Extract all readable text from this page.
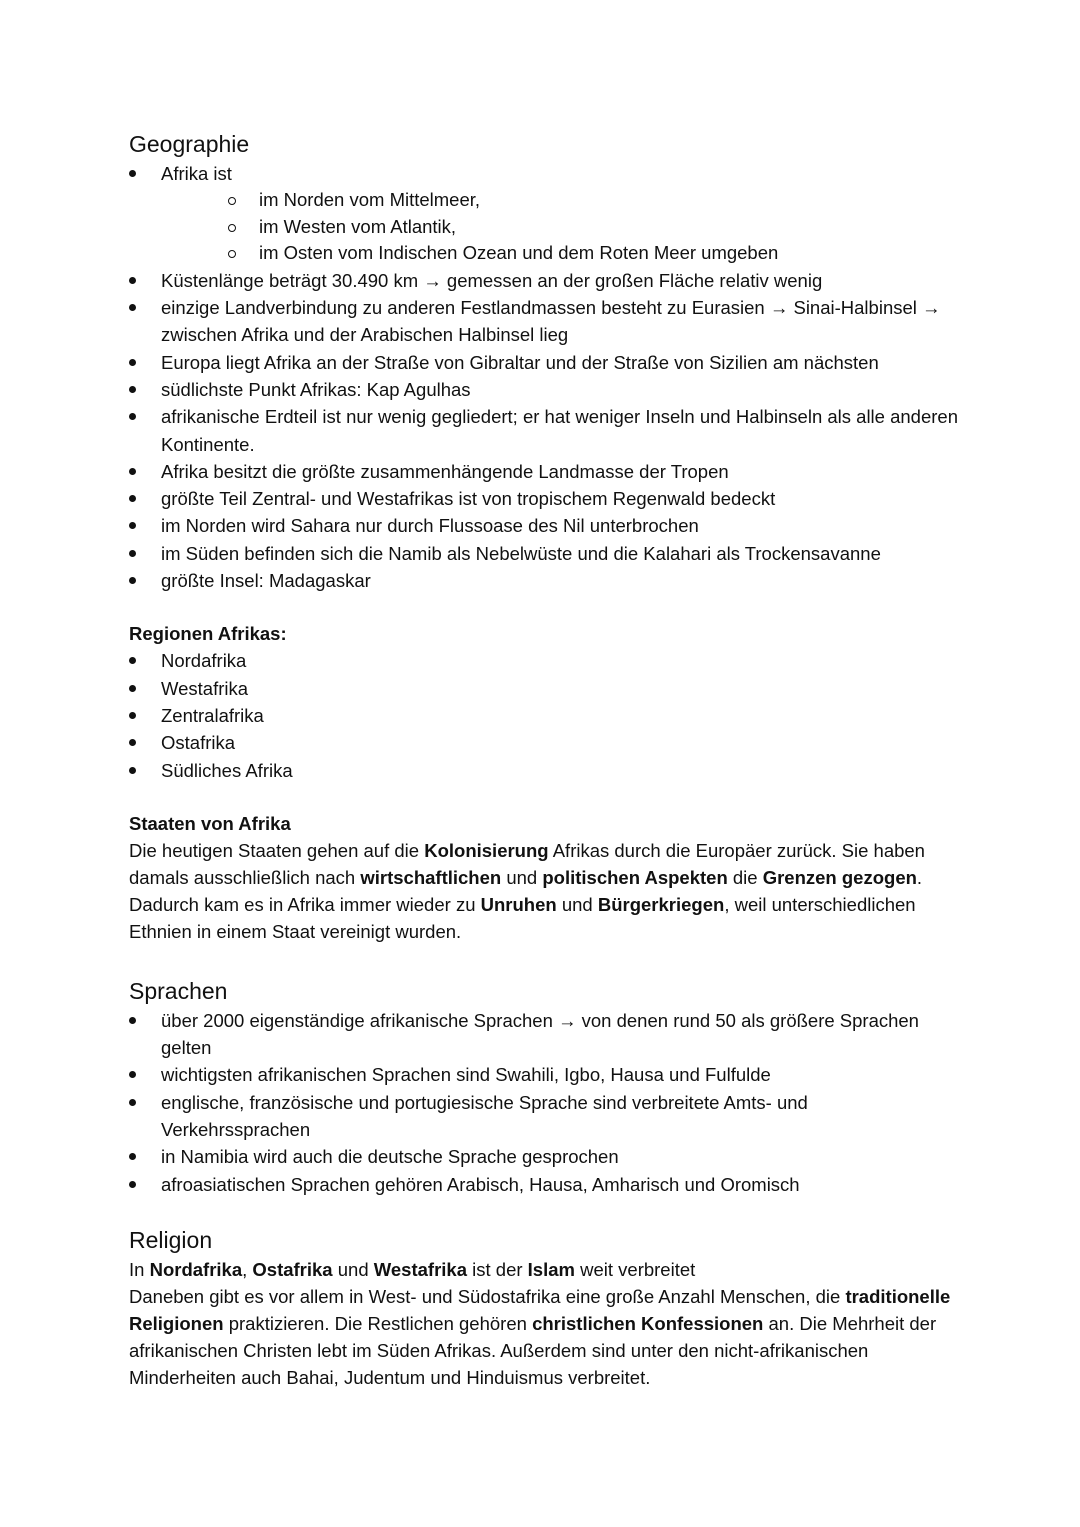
Geographie
Afrika ist
im Norden vom Mittelmeer,
im Westen vom Atlantik,
im Osten vom Indischen Ozean und dem Roten Meer umgeben
Küstenlänge beträgt 30.490 km → gemessen an der großen Fläche relativ wenig
einzige Landverbindung zu anderen Festlandmassen besteht zu Eurasien → Sinai-Halbinsel → zwischen Afrika und der Arabischen Halbinsel lieg
Europa liegt Afrika an der Straße von Gibraltar und der Straße von Sizilien am nächsten
südlichste Punkt Afrikas: Kap Agulhas
afrikanische Erdteil ist nur wenig gegliedert; er hat weniger Inseln und Halbinseln als alle anderen Kontinente.
Afrika besitzt die größte zusammenhängende Landmasse der Tropen
größte Teil Zentral- und Westafrikas ist von tropischem Regenwald bedeckt
im Norden wird Sahara nur durch Flussoase des Nil unterbrochen
im Süden befinden sich die Namib als Nebelwüste und die Kalahari als Trockensavanne
größte Insel: Madagaskar
Regionen Afrikas:
Nordafrika
Westafrika
Zentralafrika
Ostafrika
Südliches Afrika
Staaten von Afrika

Die heutigen Staaten gehen auf die Kolonisierung Afrikas durch die Europäer zurück. Sie haben damals ausschließlich nach wirtschaftlichen und politischen Aspekten die Grenzen gezogen. Dadurch kam es in Afrika immer wieder zu Unruhen und Bürgerkriegen, weil unterschiedlichen Ethnien in einem Staat vereinigt wurden.

Sprachen
über 2000 eigenständige afrikanische Sprachen → von denen rund 50 als größere Sprachen gelten
wichtigsten afrikanischen Sprachen sind Swahili, Igbo, Hausa und Fulfulde
englische, französische und portugiesische Sprache sind verbreitete Amts- und Verkehrssprachen
in Namibia wird auch die deutsche Sprache gesprochen
afroasiatischen Sprachen gehören Arabisch, Hausa, Amharisch und Oromisch
Religion

In Nordafrika, Ostafrika und Westafrika ist der Islam weit verbreitet

Daneben gibt es vor allem in West- und Südostafrika eine große Anzahl Menschen, die traditionelle Religionen praktizieren. Die Restlichen gehören christlichen Konfessionen an. Die Mehrheit der afrikanischen Christen lebt im Süden Afrikas. Außerdem sind unter den nicht-afrikanischen Minderheiten auch Bahai, Judentum und Hinduismus verbreitet.
